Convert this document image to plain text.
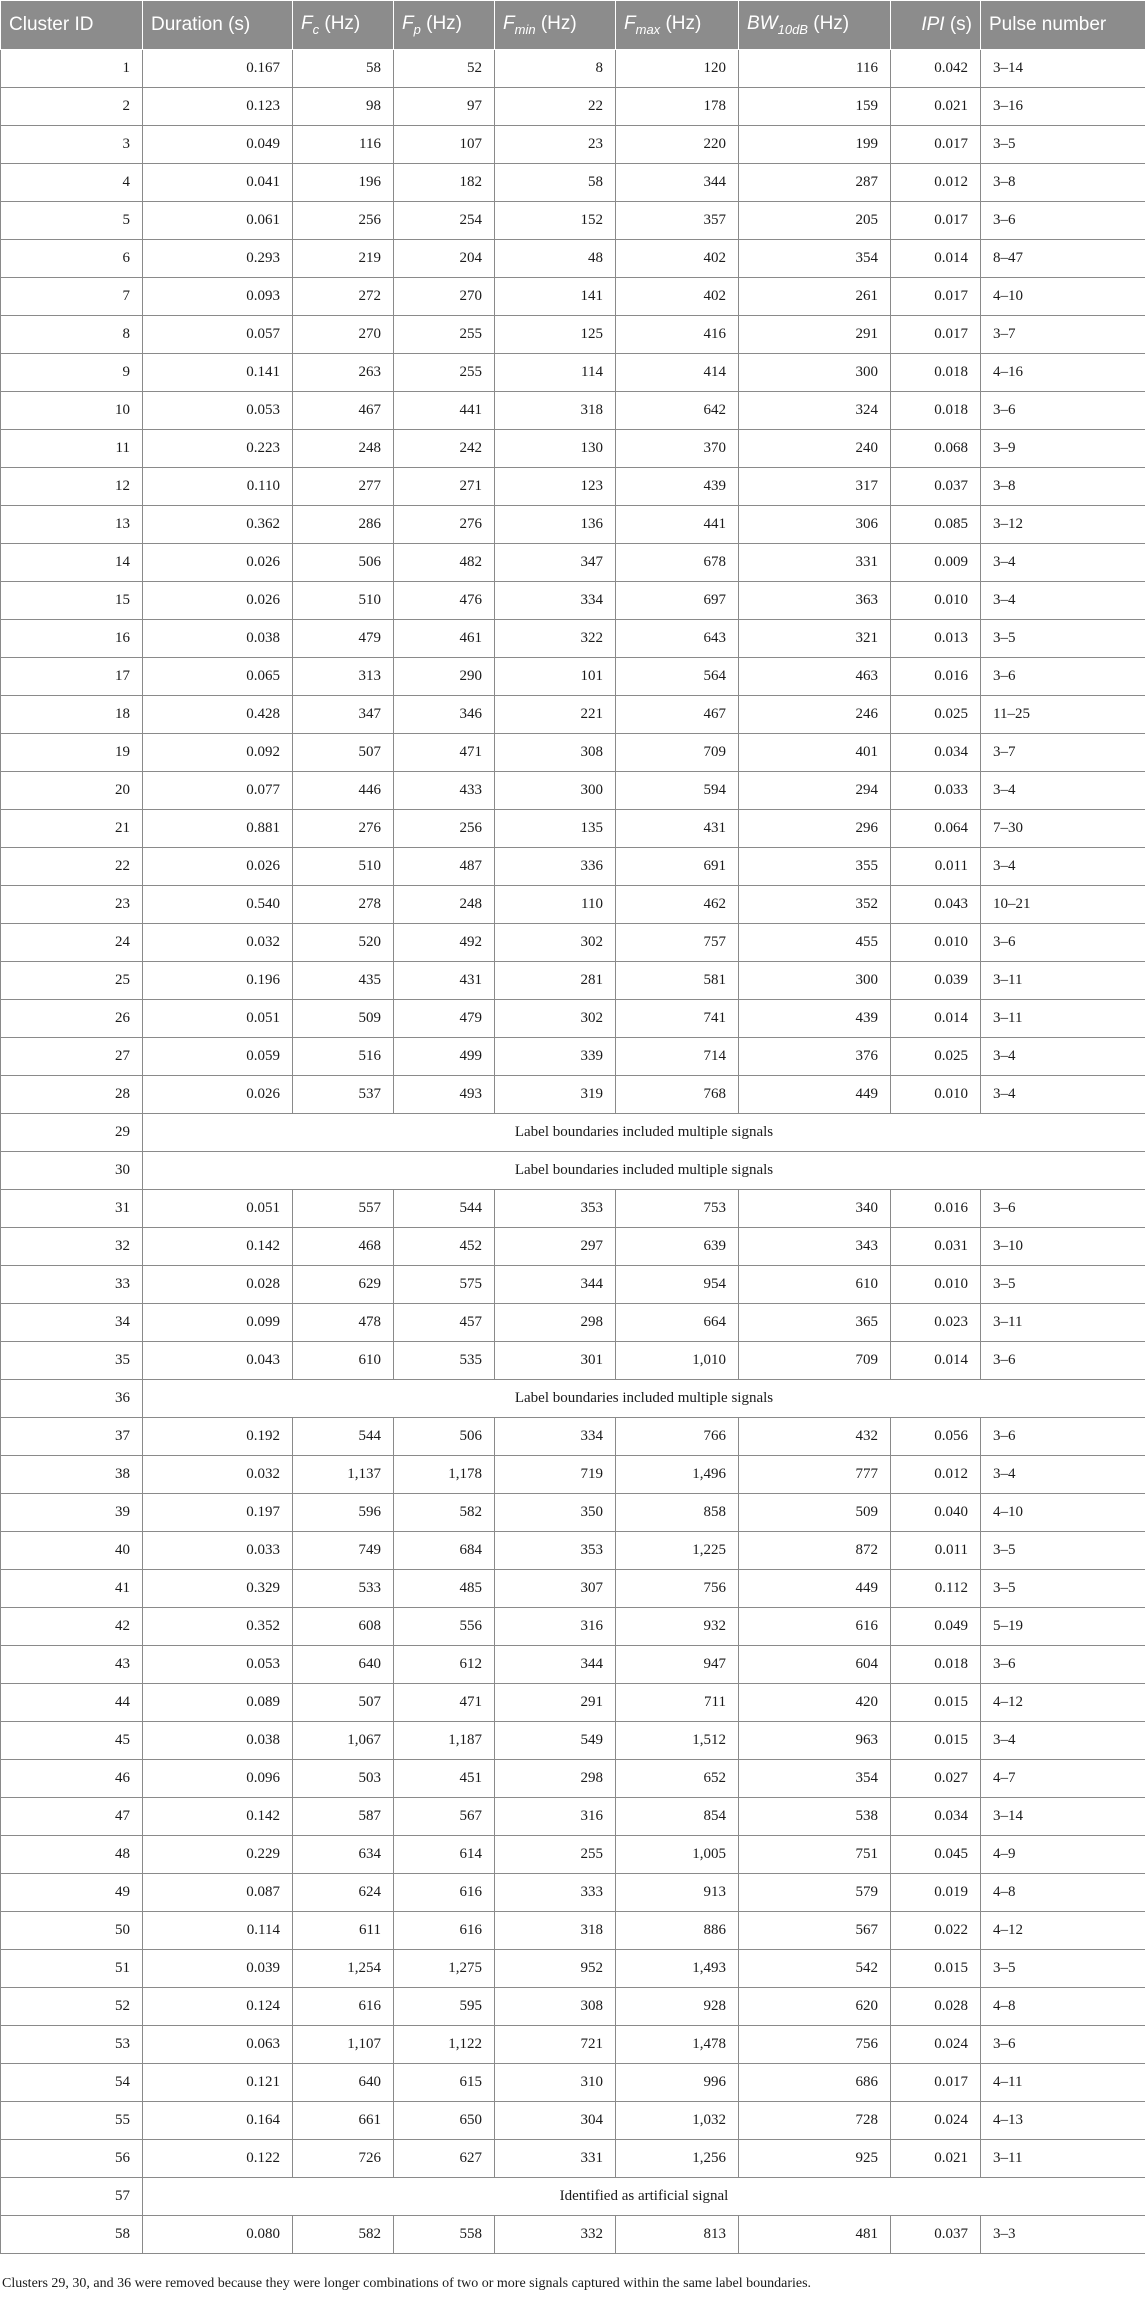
Cluster ID	Duration (s)	$F_c$ (Hz)	$F_p$ (Hz)	$F_{min}$ (Hz)	$F_{max}$ (Hz)	$BW_{10dB}$ (Hz)	IPI (s)	Pulse number
1	0.167	58	52	8	120	116	0.042	3–14
2	0.123	98	97	22	178	159	0.021	3–16
3	0.049	116	107	23	220	199	0.017	3–5
4	0.041	196	182	58	344	287	0.012	3–8
5	0.061	256	254	152	357	205	0.017	3–6
6	0.293	219	204	48	402	354	0.014	8–47
7	0.093	272	270	141	402	261	0.017	4–10
8	0.057	270	255	125	416	291	0.017	3–7
9	0.141	263	255	114	414	300	0.018	4–16
10	0.053	467	441	318	642	324	0.018	3–6
11	0.223	248	242	130	370	240	0.068	3–9
12	0.110	277	271	123	439	317	0.037	3–8
13	0.362	286	276	136	441	306	0.085	3–12
14	0.026	506	482	347	678	331	0.009	3–4
15	0.026	510	476	334	697	363	0.010	3–4
16	0.038	479	461	322	643	321	0.013	3–5
17	0.065	313	290	101	564	463	0.016	3–6
18	0.428	347	346	221	467	246	0.025	11–25
19	0.092	507	471	308	709	401	0.034	3–7
20	0.077	446	433	300	594	294	0.033	3–4
21	0.881	276	256	135	431	296	0.064	7–30
22	0.026	510	487	336	691	355	0.011	3–4
23	0.540	278	248	110	462	352	0.043	10–21
24	0.032	520	492	302	757	455	0.010	3–6
25	0.196	435	431	281	581	300	0.039	3–11
26	0.051	509	479	302	741	439	0.014	3–11
27	0.059	516	499	339	714	376	0.025	3–4
28	0.026	537	493	319	768	449	0.010	3–4
29	Label boundaries included multiple signals							
30	Label boundaries included multiple signals							
31	0.051	557	544	353	753	340	0.016	3–6
32	0.142	468	452	297	639	343	0.031	3–10
33	0.028	629	575	344	954	610	0.010	3–5
34	0.099	478	457	298	664	365	0.023	3–11
35	0.043	610	535	301	1,010	709	0.014	3–6
36	Label boundaries included multiple signals							
37	0.192	544	506	334	766	432	0.056	3–6
38	0.032	1,137	1,178	719	1,496	777	0.012	3–4
39	0.197	596	582	350	858	509	0.040	4–10
40	0.033	749	684	353	1,225	872	0.011	3–5
41	0.329	533	485	307	756	449	0.112	3–5
42	0.352	608	556	316	932	616	0.049	5–19
43	0.053	640	612	344	947	604	0.018	3–6
44	0.089	507	471	291	711	420	0.015	4–12
45	0.038	1,067	1,187	549	1,512	963	0.015	3–4
46	0.096	503	451	298	652	354	0.027	4–7
47	0.142	587	567	316	854	538	0.034	3–14
48	0.229	634	614	255	1,005	751	0.045	4–9
49	0.087	624	616	333	913	579	0.019	4–8
50	0.114	611	616	318	886	567	0.022	4–12
51	0.039	1,254	1,275	952	1,493	542	0.015	3–5
52	0.124	616	595	308	928	620	0.028	4–8
53	0.063	1,107	1,122	721	1,478	756	0.024	3–6
54	0.121	640	615	310	996	686	0.017	4–11
55	0.164	661	650	304	1,032	728	0.024	4–13
56	0.122	726	627	331	1,256	925	0.021	3–11
57	Identified as artificial signal							
58	0.080	582	558	332	813	481	0.037	3–3
Clusters 29, 30, and 36 were removed because they were longer combinations of two or more signals captured within the same label boundaries.
